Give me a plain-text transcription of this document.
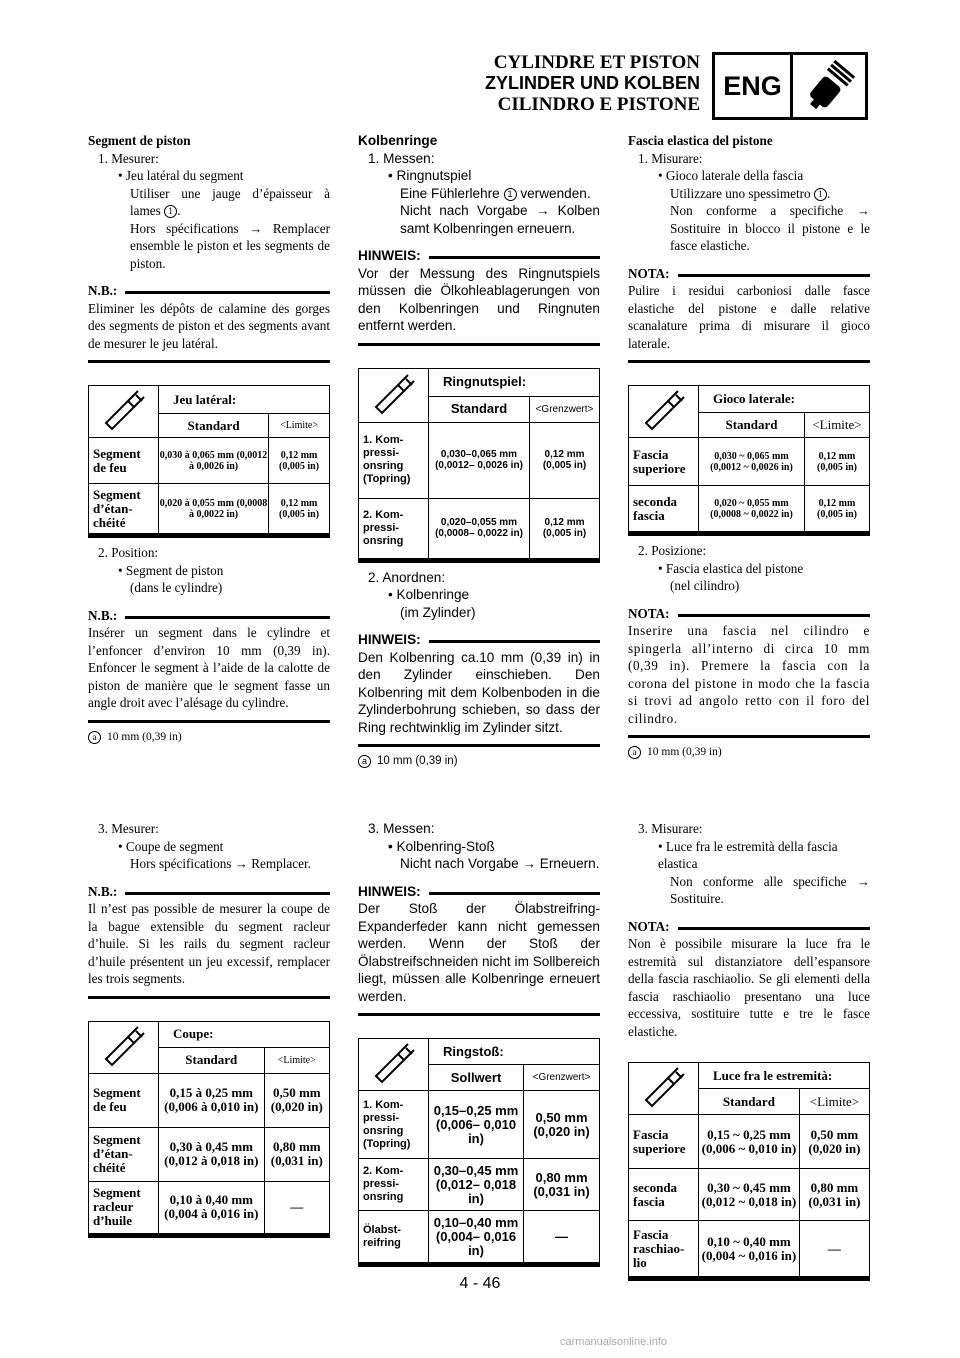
CYLINDRE ET PISTON
ZYLINDER UND KOLBEN
CILINDRO E PISTONE
ENG
Segment de piston
1. Mesurer:
• Jeu latéral du segment
Utiliser une jauge d’épaisseur à lames 1 .
Hors spécifications → Remplacer ensemble le piston et les segments de piston.
N.B.:
Eliminer les dépôts de calamine des gorges des segments de piston et des segments avant de mesurer le jeu latéral.
	Jeu latéral:	
	Standard	<Limite>
Segment de feu	0,030 à 0,065 mm (0,0012 à 0,0026 in)	0,12 mm (0,005 in)
Segment d’étan-chéité	0,020 à 0,055 mm (0,0008 à 0,0022 in)	0,12 mm (0,005 in)
2. Position:
• Segment de piston
(dans le cylindre)
N.B.:
Insérer un segment dans le cylindre et l’enfoncer d’environ 10 mm (0,39 in). Enfoncer le segment à l’aide de la calotte de piston de manière que le segment fasse un angle droit avec l’alésage du cylindre.
a 10 mm (0,39 in)
3. Mesurer:
• Coupe de segment
Hors spécifications → Remplacer.
N.B.:
Il n’est pas possible de mesurer la coupe de la bague extensible du segment racleur d’huile. Si les rails du segment racleur d’huile présentent un jeu excessif, remplacer les trois segments.
	Coupe:	
	Standard	<Limite>
Segment de feu	0,15 à 0,25 mm (0,006 à 0,010 in)	0,50 mm (0,020 in)
Segment d’étan-chéité	0,30 à 0,45 mm (0,012 à 0,018 in)	0,80 mm (0,031 in)
Segment racleur d’huile	0,10 à 0,40 mm (0,004 à 0,016 in)	—
Kolbenringe
1. Messen:
• Ringnutspiel
Eine Fühlerlehre 1 verwenden.
Nicht nach Vorgabe → Kolben samt Kolbenringen erneuern.
HINWEIS:
Vor der Messung des Ringnutspiels müssen die Ölkohleablagerungen von den Kolbenringen und Ringnuten entfernt werden.
	Ringnutspiel:	
	Standard	<Grenzwert>
1. Kom-pressi-onsring (Topring)	0,030–0,065 mm (0,0012– 0,0026 in)	0,12 mm (0,005 in)
2. Kom-pressi-onsring	0,020–0,055 mm (0,0008– 0,0022 in)	0,12 mm (0,005 in)
2. Anordnen:
• Kolbenringe
(im Zylinder)
HINWEIS:
Den Kolbenring ca.10 mm (0,39 in) in den Zylinder einschieben. Den Kolbenring mit dem Kolbenboden in die Zylinderbohrung schieben, so dass der Ring rechtwinklig im Zylinder sitzt.
a 10 mm (0,39 in)
3. Messen:
• Kolbenring-Stoß
Nicht nach Vorgabe → Erneuern.
HINWEIS:
Der Stoß der Ölabstreifring-Expanderfeder kann nicht gemessen werden. Wenn der Stoß der Ölabstreifschneiden nicht im Sollbereich liegt, müssen alle Kolbenringe erneuert werden.
	Ringstoß:	
	Sollwert	<Grenzwert>
1. Kom-pressi-onsring (Topring)	0,15–0,25 mm (0,006– 0,010 in)	0,50 mm (0,020 in)
2. Kom-pressi-onsring	0,30–0,45 mm (0,012– 0,018 in)	0,80 mm (0,031 in)
Ölabst-reifring	0,10–0,40 mm (0,004– 0,016 in)	—
Fascia elastica del pistone
1. Misurare:
• Gioco laterale della fascia
Utilizzare uno spessimetro 1 .
Non conforme a specifiche → Sostituire in blocco il pistone e le fasce elastiche.
NOTA:
Pulire i residui carboniosi dalle fasce elastiche del pistone e dalle relative scanalature prima di misurare il gioco laterale.
	Gioco laterale:	
	Standard	<Limite>
Fascia superiore	0,030 ~ 0,065 mm (0,0012 ~ 0,0026 in)	0,12 mm (0,005 in)
seconda fascia	0,020 ~ 0,055 mm (0,0008 ~ 0,0022 in)	0,12 mm (0,005 in)
2. Posizione:
• Fascia elastica del pistone
(nel cilindro)
NOTA:
Inserire una fascia nel cilindro e spingerla all’interno di circa 10 mm (0,39 in). Premere la fascia con la corona del pistone in modo che la fascia si trovi ad angolo retto con il foro del cilindro.
a 10 mm (0,39 in)
3. Misurare:
• Luce fra le estremità della fascia elastica
Non conforme alle specifiche → Sostituire.
NOTA:
Non è possibile misurare la luce fra le estremità sul distanziatore dell’espansore della fascia raschiaolio. Se gli elementi della fascia raschiaolio presentano una luce eccessiva, sostituire tutte e tre le fasce elastiche.
	Luce fra le estremità:	
	Standard	<Limite>
Fascia superiore	0,15 ~ 0,25 mm (0,006 ~ 0,010 in)	0,50 mm (0,020 in)
seconda fascia	0,30 ~ 0,45 mm (0,012 ~ 0,018 in)	0,80 mm (0,031 in)
Fascia raschiao-lio	0,10 ~ 0,40 mm (0,004 ~ 0,016 in)	—
4 - 46
carmanualsonline.info
